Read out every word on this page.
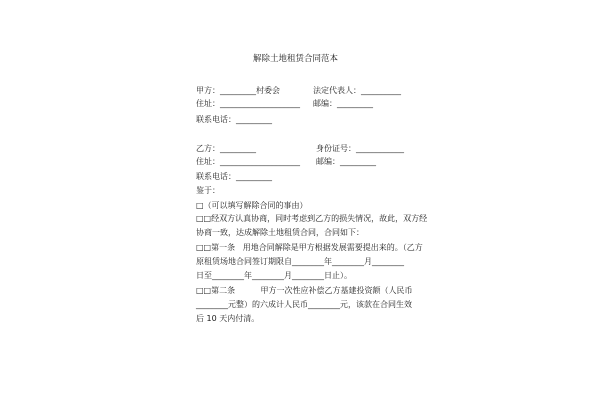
解除土地租赁合同范本
甲方：_________村委会	法定代表人：__________
住址：____________________ 邮编：_________
联系电话：_________
乙方：_________	身份证号：____________
住址：____________________ 邮编：_________
联系电话：_________
鉴于：
□（可以填写解除合同的事由）
□□经双方认真协商，同时考虑到乙方的损失情况，故此，双方经
协商一致，达成解除土地租赁合同，合同如下：
□□第一条   用地合同解除是甲方根据发展需要提出来的。（乙方
原租赁场地合同签订期限自________年________月________
日至________年________月________日止）。
□□第二条          甲方一次性应补偿乙方基建投资额（人民币
________元整）的六成计人民币________元，该款在合同生效
后 10 天内付清。
